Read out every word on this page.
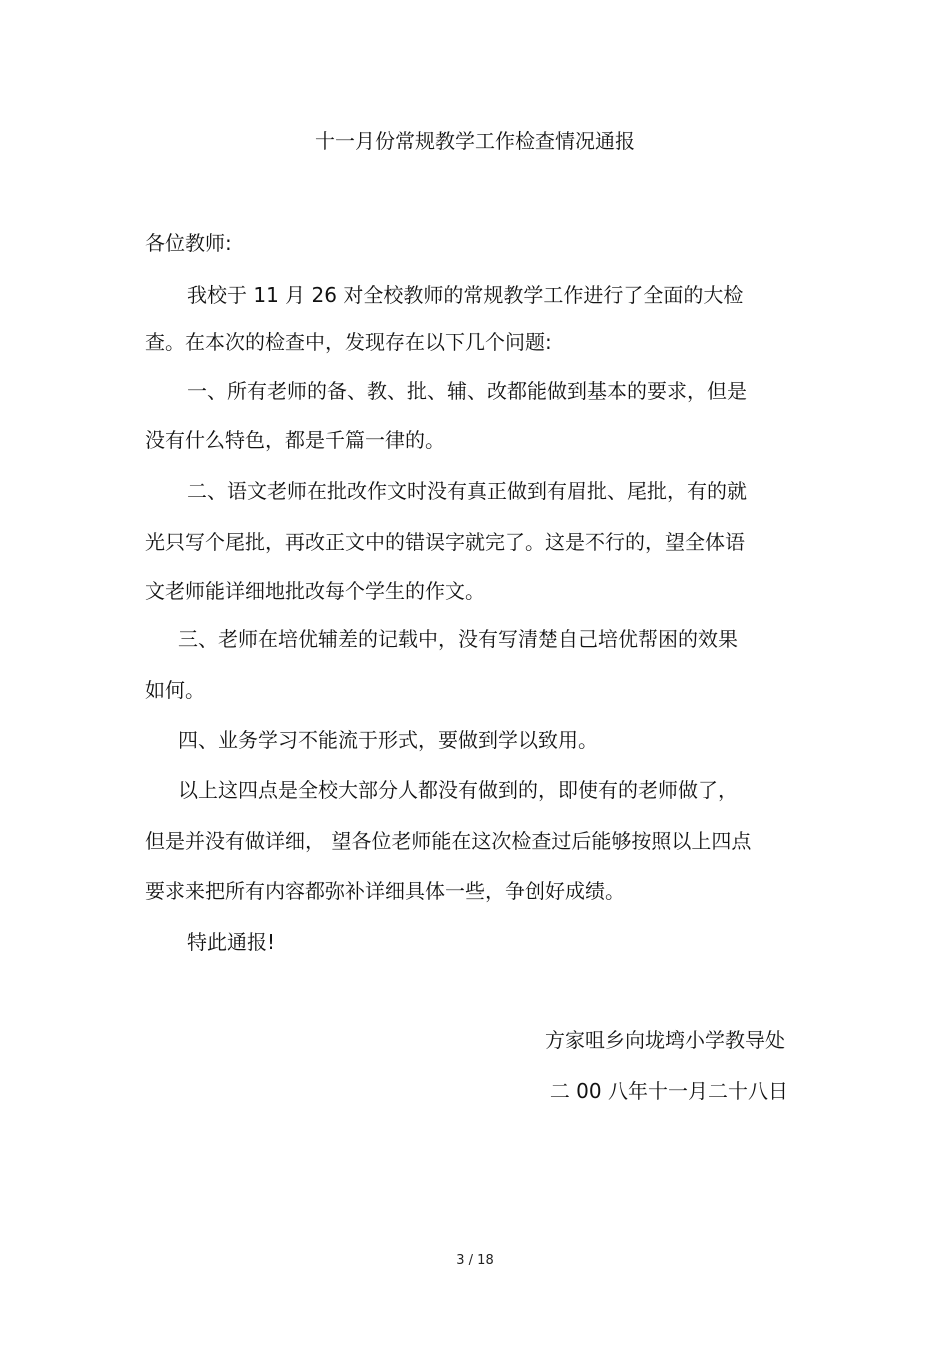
十一月份常规教学工作检查情况通报
各位教师:
我校于 11 月 26 对全校教师的常规教学工作进行了全面的大检
查。在本次的检查中，发现存在以下几个问题:
一、所有老师的备、教、批、辅、改都能做到基本的要求，但是
没有什么特色，都是千篇一律的。
二、语文老师在批改作文时没有真正做到有眉批、尾批，有的就
光只写个尾批，再改正文中的错误字就完了。这是不行的，望全体语
文老师能详细地批改每个学生的作文。
三、老师在培优辅差的记载中，没有写清楚自己培优帮困的效果
如何。
四、业务学习不能流于形式，要做到学以致用。
以上这四点是全校大部分人都没有做到的，即使有的老师做了，
但是并没有做详细， 望各位老师能在这次检查过后能够按照以上四点
要求来把所有内容都弥补详细具体一些，争创好成绩。
特此通报!
方家咀乡向垅塆小学教导处
二 00 八年十一月二十八日
3 / 18
